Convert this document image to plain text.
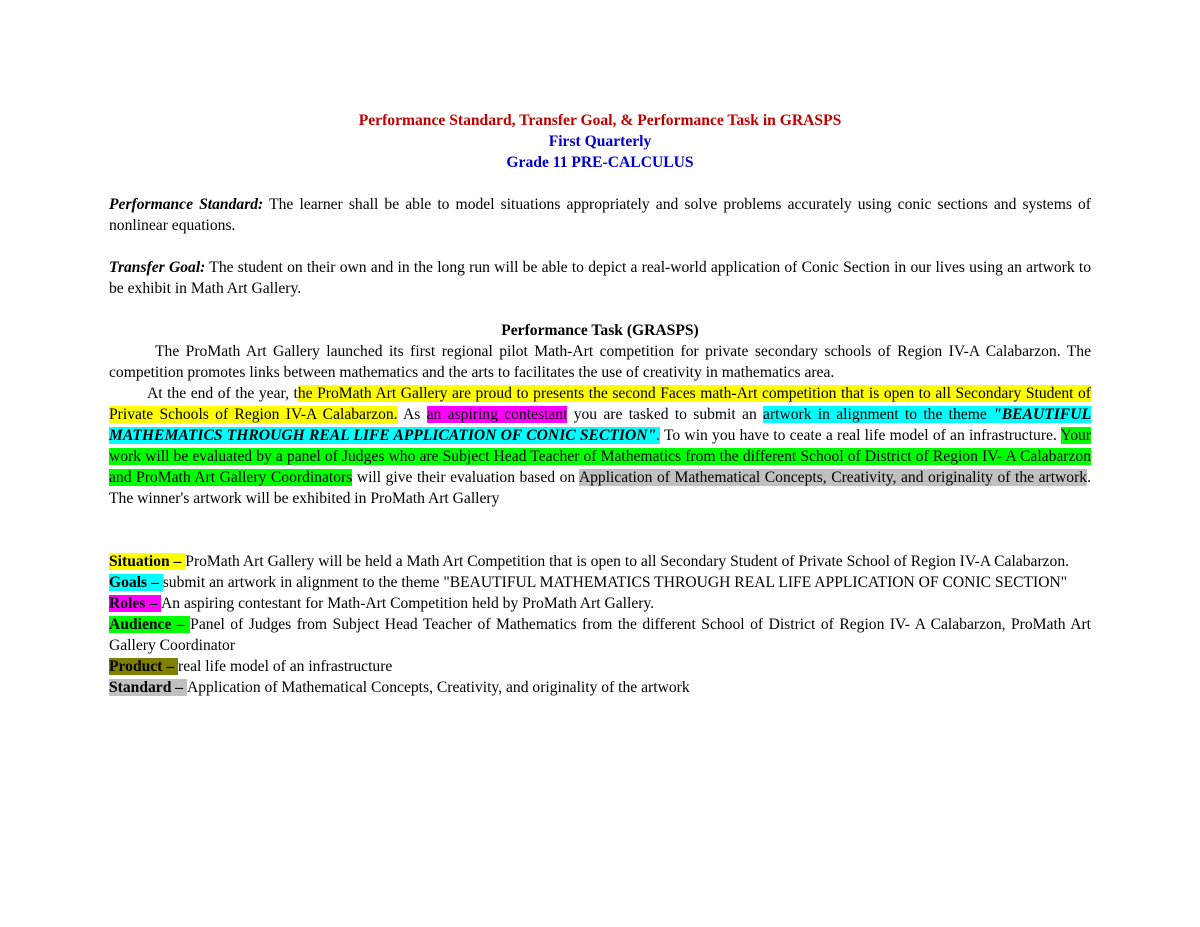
Performance Standard, Transfer Goal, & Performance Task in GRASPS
First Quarterly
Grade 11 PRE-CALCULUS

Performance Standard: The learner shall be able to model situations appropriately and solve problems accurately using conic sections and systems of nonlinear equations.

Transfer Goal: The student on their own and in the long run will be able to depict a real-world application of Conic Section in our lives using an artwork to be exhibit in Math Art Gallery.

Performance Task (GRASPS)

The ProMath Art Gallery launched its first regional pilot Math-Art competition for private secondary schools of Region IV-A Calabarzon. The competition promotes links between mathematics and the arts to facilitates the use of creativity in mathematics area.

At the end of the year, the ProMath Art Gallery are proud to presents the second Faces math-Art competition that is open to all Secondary Student of Private Schools of Region IV-A Calabarzon. As an aspiring contestant you are tasked to submit an artwork in alignment to the theme "BEAUTIFUL MATHEMATICS THROUGH REAL LIFE APPLICATION OF CONIC SECTION". To win you have to ceate a real life model of an infrastructure. Your work will be evaluated by a panel of Judges who are Subject Head Teacher of Mathematics from the different School of District of Region IV- A Calabarzon and ProMath Art Gallery Coordinators will give their evaluation based on Application of Mathematical Concepts, Creativity, and originality of the artwork. The winner's artwork will be exhibited in ProMath Art Gallery

Situation – ProMath Art Gallery will be held a Math Art Competition that is open to all Secondary Student of Private School of Region IV-A Calabarzon.

Goals – submit an artwork in alignment to the theme "BEAUTIFUL MATHEMATICS THROUGH REAL LIFE APPLICATION OF CONIC SECTION"

Roles – An aspiring contestant for Math-Art Competition held by ProMath Art Gallery.

Audience – Panel of Judges from Subject Head Teacher of Mathematics from the different School of District of Region IV- A Calabarzon, ProMath Art Gallery Coordinator

Product – real life model of an infrastructure

Standard – Application of Mathematical Concepts, Creativity, and originality of the artwork
